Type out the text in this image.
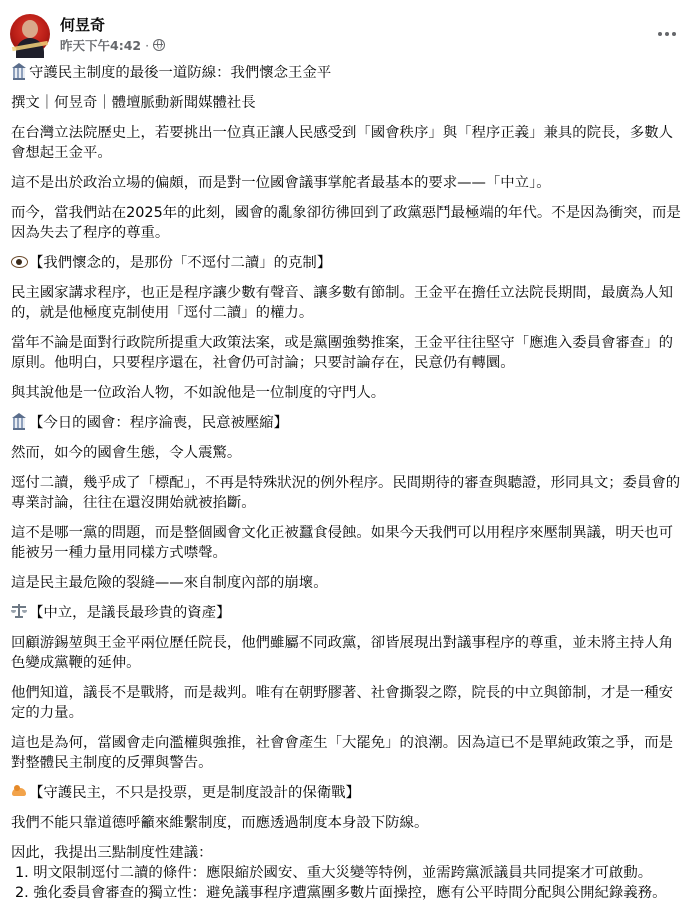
何昱奇
昨天下午4:42 ·

守護民主制度的最後一道防線：我們懷念王金平

撰文｜何昱奇｜體壇脈動新聞媒體社長

在台灣立法院歷史上，若要挑出一位真正讓人民感受到「國會秩序」與「程序正義」兼具的院長，多數人會想起王金平。

這不是出於政治立場的偏頗，而是對一位國會議事掌舵者最基本的要求——「中立」。

而今，當我們站在2025年的此刻，國會的亂象卻彷彿回到了政黨惡鬥最極端的年代。不是因為衝突，而是因為失去了程序的尊重。

【我們懷念的，是那份「不逕付二讀」的克制】

民主國家講求程序，也正是程序讓少數有聲音、讓多數有節制。王金平在擔任立法院長期間，最廣為人知的，就是他極度克制使用「逕付二讀」的權力。

當年不論是面對行政院所提重大政策法案，或是黨團強勢推案，王金平往往堅守「應進入委員會審查」的原則。他明白，只要程序還在，社會仍可討論；只要討論存在，民意仍有轉圜。

與其說他是一位政治人物，不如說他是一位制度的守門人。

【今日的國會：程序淪喪，民意被壓縮】

然而，如今的國會生態，令人震驚。

逕付二讀，幾乎成了「標配」，不再是特殊狀況的例外程序。民間期待的審查與聽證，形同具文；委員會的專業討論，往往在還沒開始就被掐斷。

這不是哪一黨的問題，而是整個國會文化正被蠶食侵蝕。如果今天我們可以用程序來壓制異議，明天也可能被另一種力量用同樣方式噤聲。

這是民主最危險的裂縫——來自制度內部的崩壞。

【中立，是議長最珍貴的資產】

回顧游錫堃與王金平兩位歷任院長，他們雖屬不同政黨，卻皆展現出對議事程序的尊重，並未將主持人角色變成黨鞭的延伸。

他們知道，議長不是戰將，而是裁判。唯有在朝野膠著、社會撕裂之際，院長的中立與節制，才是一種安定的力量。

這也是為何，當國會走向濫權與強推，社會會產生「大罷免」的浪潮。因為這已不是單純政策之爭，而是對整體民主制度的反彈與警告。

【守護民主，不只是投票，更是制度設計的保衛戰】

我們不能只靠道德呼籲來維繫制度，而應透過制度本身設下防線。

因此，我提出三點制度性建議：

1. 明文限制逕付二讀的條件：應限縮於國安、重大災變等特例，並需跨黨派議員共同提案才可啟動。

2. 強化委員會審查的獨立性：避免議事程序遭黨團多數片面操控，應有公平時間分配與公開紀錄義務。
